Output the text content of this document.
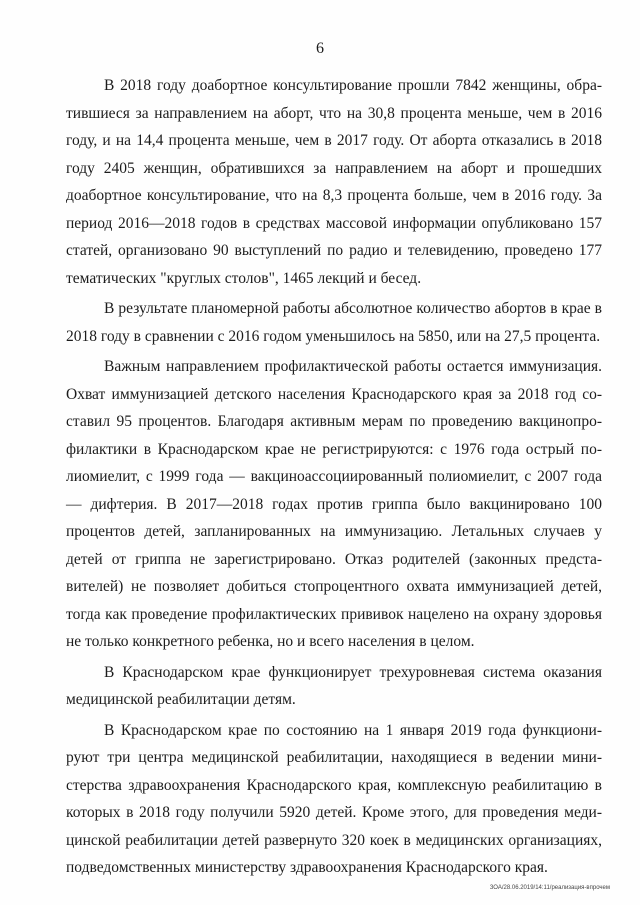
6

В 2018 году доабортное консультирование прошли 7842 женщины, обратившиеся за направлением на аборт, что на 30,8 процента меньше, чем в 2016 году, и на 14,4 процента меньше, чем в 2017 году. От аборта отказались в 2018 году 2405 женщин, обратившихся за направлением на аборт и прошедших доабортное консультирование, что на 8,3 процента больше, чем в 2016 году. За период 2016—2018 годов в средствах массовой информации опубликовано 157 статей, организовано 90 выступлений по радио и телевидению, проведено 177 тематических "круглых столов", 1465 лекций и бесед.

В результате планомерной работы абсолютное количество абортов в крае в 2018 году в сравнении с 2016 годом уменьшилось на 5850, или на 27,5 процента.

Важным направлением профилактической работы остается иммунизация. Охват иммунизацией детского населения Краснодарского края за 2018 год составил 95 процентов. Благодаря активным мерам по проведению вакцинопрофилактики в Краснодарском крае не регистрируются: с 1976 года острый полиомиелит, с 1999 года — вакциноассоциированный полиомиелит, с 2007 года — дифтерия. В 2017—2018 годах против гриппа было вакцинировано 100 процентов детей, запланированных на иммунизацию. Летальных случаев у детей от гриппа не зарегистрировано. Отказ родителей (законных представителей) не позволяет добиться стопроцентного охвата иммунизацией детей, тогда как проведение профилактических прививок нацелено на охрану здоровья не только конкретного ребенка, но и всего населения в целом.

В Краснодарском крае функционирует трехуровневая система оказания медицинской реабилитации детям.

В Краснодарском крае по состоянию на 1 января 2019 года функционируют три центра медицинской реабилитации, находящиеся в ведении министерства здравоохранения Краснодарского края, комплексную реабилитацию в которых в 2018 году получили 5920 детей. Кроме этого, для проведения медицинской реабилитации детей развернуто 320 коек в медицинских организациях, подведомственных министерству здравоохранения Краснодарского края.

ЗОА/28.06.2019/14:11/реализация-впрочем
